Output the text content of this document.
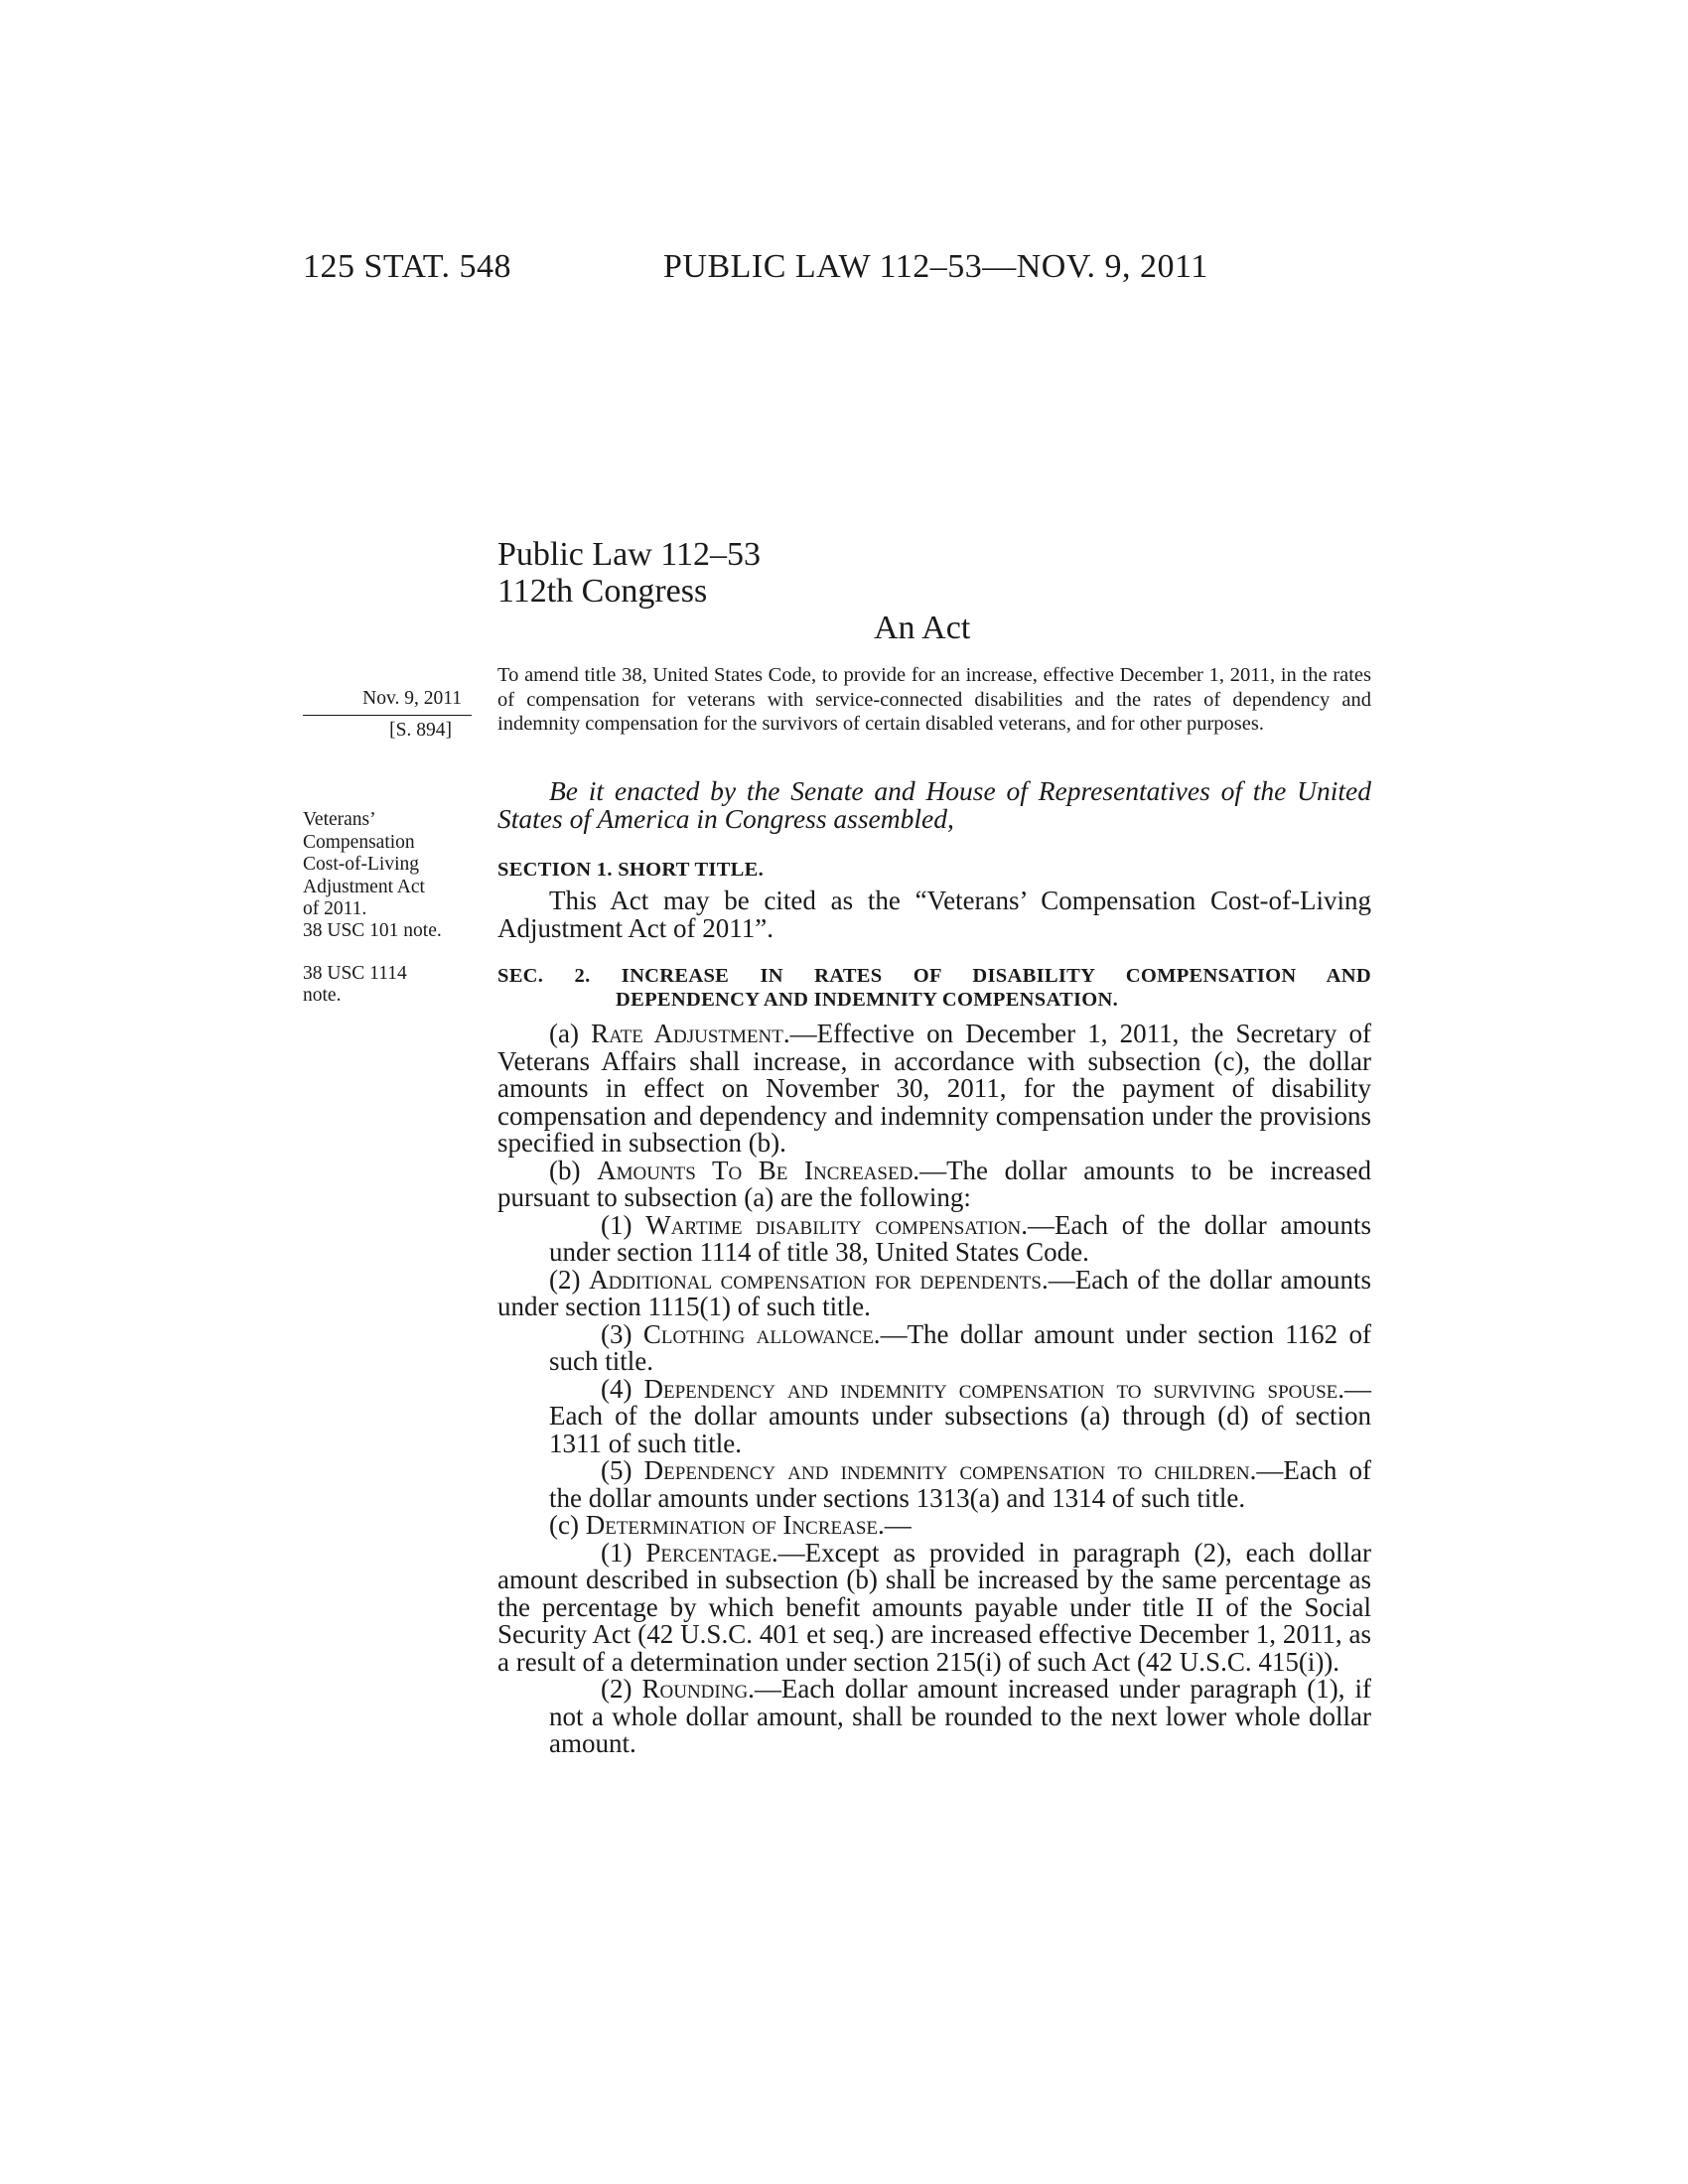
125 STAT. 548	PUBLIC LAW 112–53—NOV. 9, 2011
Public Law 112–53
112th Congress
An Act
Nov. 9, 2011
[S. 894]
Veterans’ Compensation Cost-of-Living Adjustment Act of 2011.
38 USC 101 note.
38 USC 1114 note.
To amend title 38, United States Code, to provide for an increase, effective December 1, 2011, in the rates of compensation for veterans with service-connected disabilities and the rates of dependency and indemnity compensation for the survivors of certain disabled veterans, and for other purposes.
Be it enacted by the Senate and House of Representatives of the United States of America in Congress assembled,
SECTION 1. SHORT TITLE.
This Act may be cited as the “Veterans’ Compensation Cost-of-Living Adjustment Act of 2011”.
SEC. 2. INCREASE IN RATES OF DISABILITY COMPENSATION AND
DEPENDENCY AND INDEMNITY COMPENSATION.

(a) Rate Adjustment.—Effective on December 1, 2011, the Secretary of Veterans Affairs shall increase, in accordance with subsection (c), the dollar amounts in effect on November 30, 2011, for the payment of disability compensation and dependency and indemnity compensation under the provisions specified in subsection (b).

(b) Amounts To Be Increased.—The dollar amounts to be increased pursuant to subsection (a) are the following:

(1) Wartime disability compensation.—Each of the dollar amounts under section 1114 of title 38, United States Code.

(2) Additional compensation for dependents.—Each of the dollar amounts under section 1115(1) of such title.

(3) Clothing allowance.—The dollar amount under section 1162 of such title.

(4) Dependency and indemnity compensation to surviving spouse.—Each of the dollar amounts under subsections (a) through (d) of section 1311 of such title.

(5) Dependency and indemnity compensation to children.—Each of the dollar amounts under sections 1313(a) and 1314 of such title.

(c) Determination of Increase.—

(1) Percentage.—Except as provided in paragraph (2), each dollar amount described in subsection (b) shall be increased by the same percentage as the percentage by which benefit amounts payable under title II of the Social Security Act (42 U.S.C. 401 et seq.) are increased effective December 1, 2011, as a result of a determination under section 215(i) of such Act (42 U.S.C. 415(i)).

(2) Rounding.—Each dollar amount increased under paragraph (1), if not a whole dollar amount, shall be rounded to the next lower whole dollar amount.
